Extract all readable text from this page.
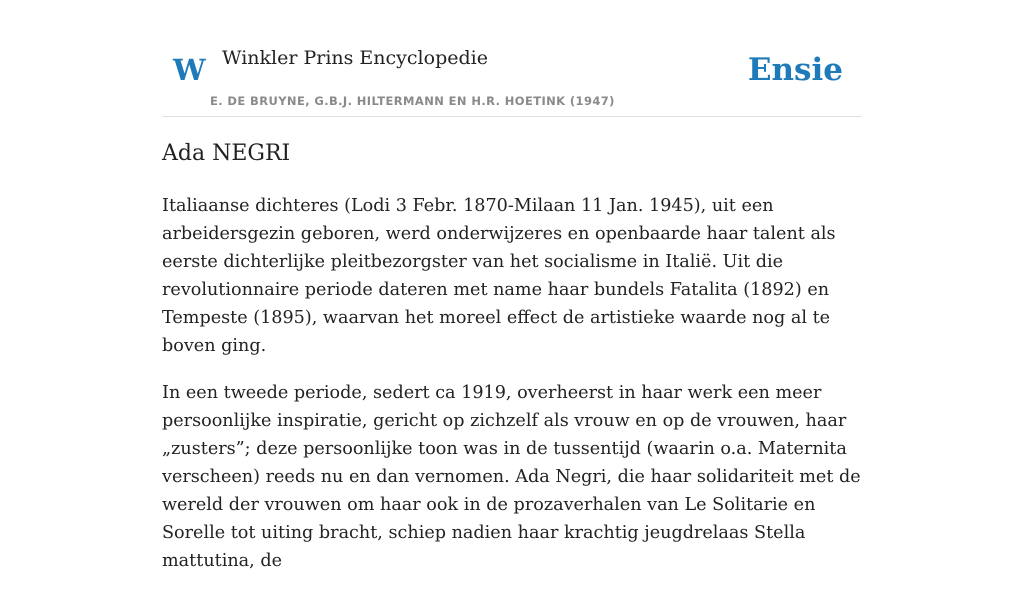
W Winkler Prins Encyclopedie
E. DE BRUYNE, G.B.J. HILTERMANN EN H.R. HOETINK (1947)
Ensie
Ada NEGRI

Italiaanse dichteres (Lodi 3 Febr. 1870-Milaan 11 Jan. 1945), uit een arbeidersgezin geboren, werd onderwijzeres en openbaarde haar talent als eerste dichterlijke pleitbezorgster van het socialisme in Italië. Uit die revolutionnaire periode dateren met name haar bundels Fatalita (1892) en Tempeste (1895), waarvan het moreel effect de artistieke waarde nog al te boven ging.

In een tweede periode, sedert ca 1919, overheerst in haar werk een meer persoonlijke inspiratie, gericht op zichzelf als vrouw en op de vrouwen, haar „zusters”; deze persoonlijke toon was in de tussentijd (waarin o.a. Maternita verscheen) reeds nu en dan vernomen. Ada Negri, die haar solidariteit met de wereld der vrouwen om haar ook in de prozaverhalen van Le Solitarie en Sorelle tot uiting bracht, schiep nadien haar krachtig jeugdrelaas Stella mattutina, de
